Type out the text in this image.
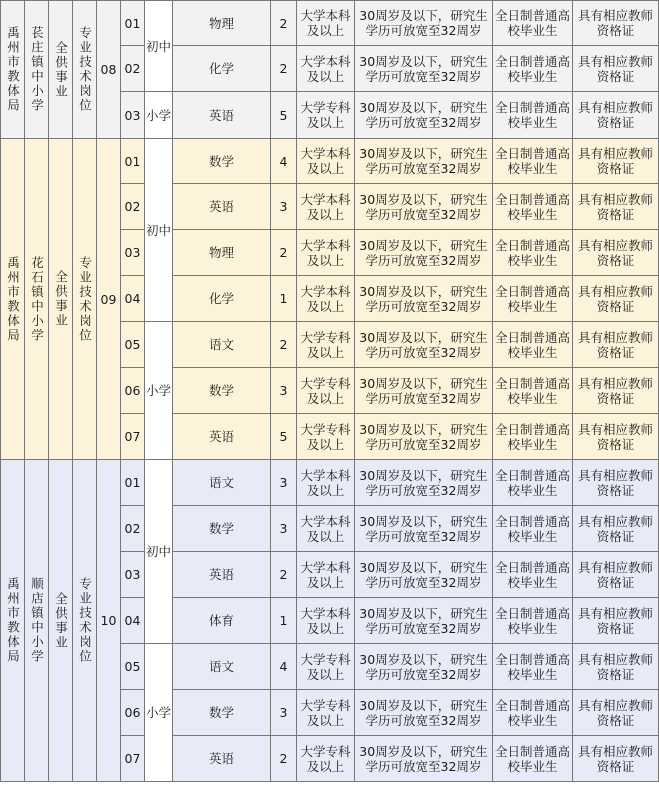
禹州市教体局	苌庄镇中小学	全供事业	专业技术岗位	08	01	初中	物理	2	大学本科及以上	30周岁及以下，研究生学历可放宽至32周岁	全日制普通高校毕业生	具有相应教师资格证
					02		化学	2	大学本科及以上	30周岁及以下，研究生学历可放宽至32周岁	全日制普通高校毕业生	具有相应教师资格证
					03	小学	英语	5	大学专科及以上	30周岁及以下，研究生学历可放宽至32周岁	全日制普通高校毕业生	具有相应教师资格证

禹州市教体局	花石镇中小学	全供事业	专业技术岗位	09	01	初中	数学	4	大学本科及以上	30周岁及以下，研究生学历可放宽至32周岁	全日制普通高校毕业生	具有相应教师资格证
					02		英语	3	大学本科及以上	30周岁及以下，研究生学历可放宽至32周岁	全日制普通高校毕业生	具有相应教师资格证
					03		物理	2	大学本科及以上	30周岁及以下，研究生学历可放宽至32周岁	全日制普通高校毕业生	具有相应教师资格证
					04		化学	1	大学本科及以上	30周岁及以下，研究生学历可放宽至32周岁	全日制普通高校毕业生	具有相应教师资格证
					05	小学	语文	2	大学专科及以上	30周岁及以下，研究生学历可放宽至32周岁	全日制普通高校毕业生	具有相应教师资格证
					06		数学	3	大学专科及以上	30周岁及以下，研究生学历可放宽至32周岁	全日制普通高校毕业生	具有相应教师资格证
					07		英语	5	大学专科及以上	30周岁及以下，研究生学历可放宽至32周岁	全日制普通高校毕业生	具有相应教师资格证

禹州市教体局	顺店镇中小学	全供事业	专业技术岗位	10	01	初中	语文	3	大学本科及以上	30周岁及以下，研究生学历可放宽至32周岁	全日制普通高校毕业生	具有相应教师资格证
					02		数学	3	大学本科及以上	30周岁及以下，研究生学历可放宽至32周岁	全日制普通高校毕业生	具有相应教师资格证
					03		英语	2	大学本科及以上	30周岁及以下，研究生学历可放宽至32周岁	全日制普通高校毕业生	具有相应教师资格证
					04		体育	1	大学本科及以上	30周岁及以下，研究生学历可放宽至32周岁	全日制普通高校毕业生	具有相应教师资格证
					05	小学	语文	4	大学专科及以上	30周岁及以下，研究生学历可放宽至32周岁	全日制普通高校毕业生	具有相应教师资格证
					06		数学	3	大学专科及以上	30周岁及以下，研究生学历可放宽至32周岁	全日制普通高校毕业生	具有相应教师资格证
					07		英语	2	大学专科及以上	30周岁及以下，研究生学历可放宽至32周岁	全日制普通高校毕业生	具有相应教师资格证
